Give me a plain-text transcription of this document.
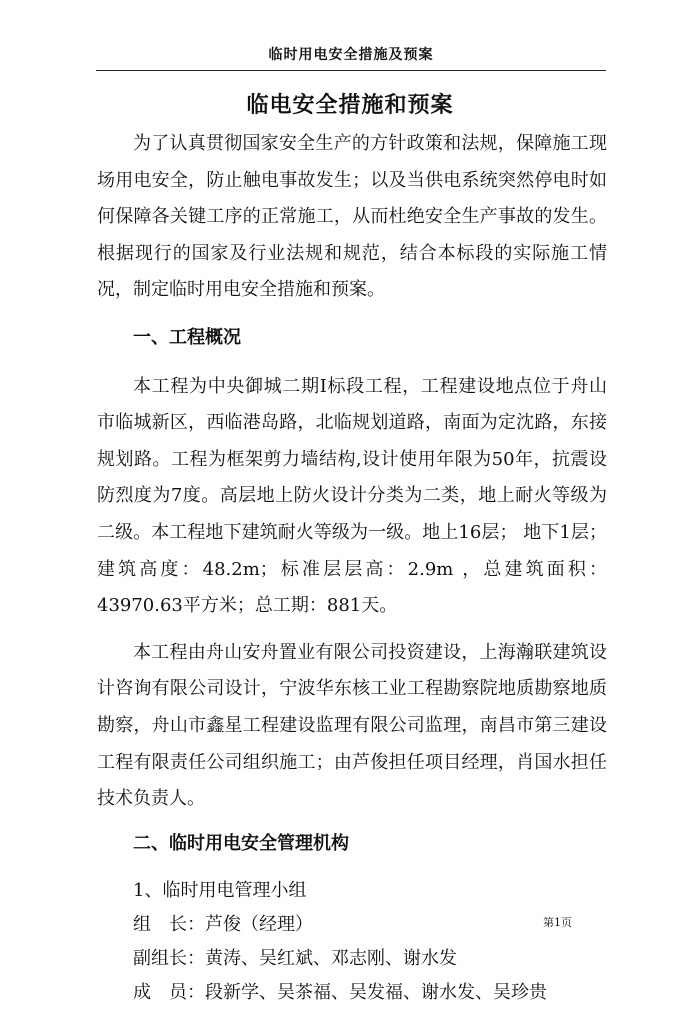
临时用电安全措施及预案
临电安全措施和预案

为了认真贯彻国家安全生产的方针政策和法规，保障施工现场用电安全，防止触电事故发生；以及当供电系统突然停电时如何保障各关键工序的正常施工，从而杜绝安全生产事故的发生。根据现行的国家及行业法规和规范，结合本标段的实际施工情况，制定临时用电安全措施和预案。

一、工程概况

本工程为中央御城二期I标段工程，工程建设地点位于舟山市临城新区，西临港岛路，北临规划道路，南面为定沈路，东接规划路。工程为框架剪力墙结构,设计使用年限为50年，抗震设防烈度为7度。高层地上防火设计分类为二类，地上耐火等级为二级。本工程地下建筑耐火等级为一级。地上16层； 地下1层；建筑高度：48.2m；标准层层高：2.9m ，总建筑面积：43970.63平方米；总工期：881天。

本工程由舟山安舟置业有限公司投资建设，上海瀚联建筑设计咨询有限公司设计，宁波华东核工业工程勘察院地质勘察地质勘察，舟山市鑫星工程建设监理有限公司监理，南昌市第三建设工程有限责任公司组织施工；由芦俊担任项目经理，肖国水担任技术负责人。

二、临时用电安全管理机构

1、临时用电管理小组

组　长：芦俊（经理）

副组长：黄涛、吴红斌、邓志刚、谢水发

成　员：段新学、吴茶福、吴发福、谢水发、吴珍贵

第1页
